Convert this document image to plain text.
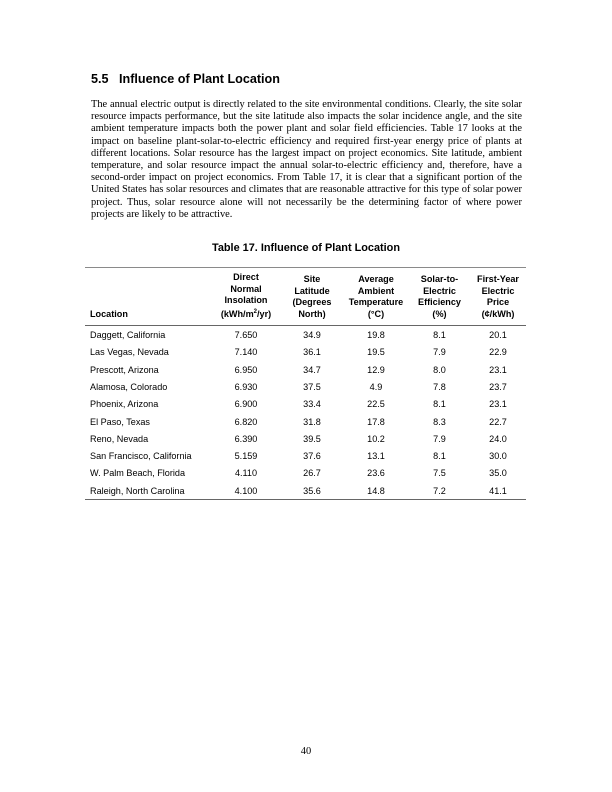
5.5 Influence of Plant Location

The annual electric output is directly related to the site environmental conditions. Clearly, the site solar resource impacts performance, but the site latitude also impacts the solar incidence angle, and the site ambient temperature impacts both the power plant and solar field efficiencies. Table 17 looks at the impact on baseline plant-solar-to-electric efficiency and required first-year energy price of plants at different locations. Solar resource has the largest impact on project economics. Site latitude, ambient temperature, and solar resource impact the annual solar-to-electric efficiency and, therefore, have a second-order impact on project economics. From Table 17, it is clear that a significant portion of the United States has solar resources and climates that are reasonable attractive for this type of solar power project. Thus, solar resource alone will not necessarily be the determining factor of where power projects are likely to be attractive.

Table 17. Influence of Plant Location

Location	Direct
Normal
Insolation
$(kWh/m^2/yr)$	Site
Latitude
(Degrees
North)	Average
Ambient
Temperature
(°C)	Solar-to-
Electric
Efficiency
(%)	First-Year
Electric
Price
(¢/kWh)
Daggett, California	7.650	34.9	19.8	8.1	20.1
Las Vegas, Nevada	7.140	36.1	19.5	7.9	22.9
Prescott, Arizona	6.950	34.7	12.9	8.0	23.1
Alamosa, Colorado	6.930	37.5	4.9	7.8	23.7
Phoenix, Arizona	6.900	33.4	22.5	8.1	23.1
El Paso, Texas	6.820	31.8	17.8	8.3	22.7
Reno, Nevada	6.390	39.5	10.2	7.9	24.0
San Francisco, California	5.159	37.6	13.1	8.1	30.0
W. Palm Beach, Florida	4.110	26.7	23.6	7.5	35.0
Raleigh, North Carolina	4.100	35.6	14.8	7.2	41.1

40
